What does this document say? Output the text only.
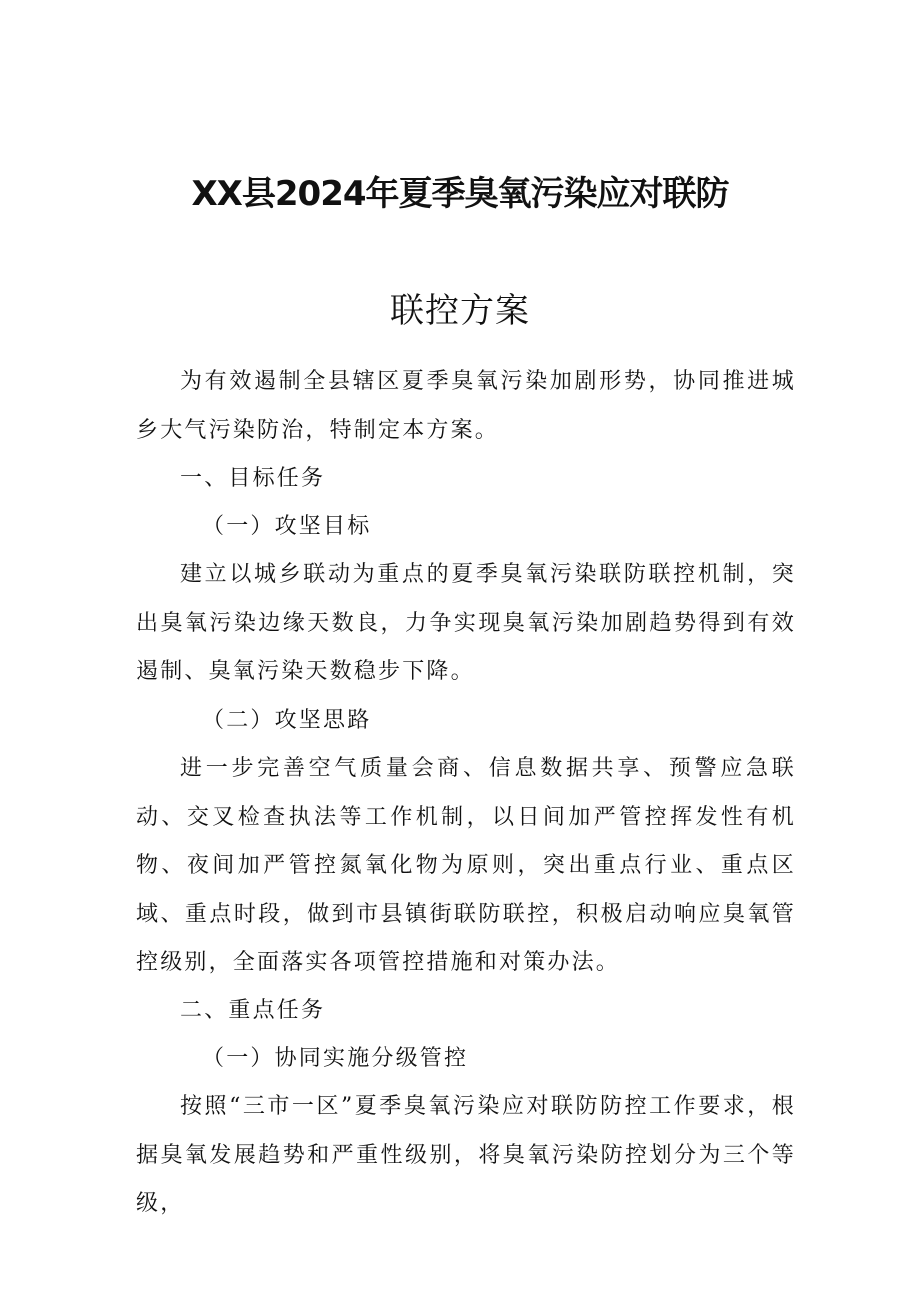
XX县2024年夏季臭氧污染应对联防
联控方案
为有效遏制全县辖区夏季臭氧污染加剧形势，协同推进城乡大气污染防治，特制定本方案。
一、目标任务
（一）攻坚目标
建立以城乡联动为重点的夏季臭氧污染联防联控机制，突出臭氧污染边缘天数良，力争实现臭氧污染加剧趋势得到有效遏制、臭氧污染天数稳步下降。
（二）攻坚思路
进一步完善空气质量会商、信息数据共享、预警应急联动、交叉检查执法等工作机制，以日间加严管控挥发性有机物、夜间加严管控氮氧化物为原则，突出重点行业、重点区域、重点时段，做到市县镇街联防联控，积极启动响应臭氧管控级别，全面落实各项管控措施和对策办法。
二、重点任务
（一）协同实施分级管控
按照“三市一区”夏季臭氧污染应对联防防控工作要求，根据臭氧发展趋势和严重性级别，将臭氧污染防控划分为三个等级，
